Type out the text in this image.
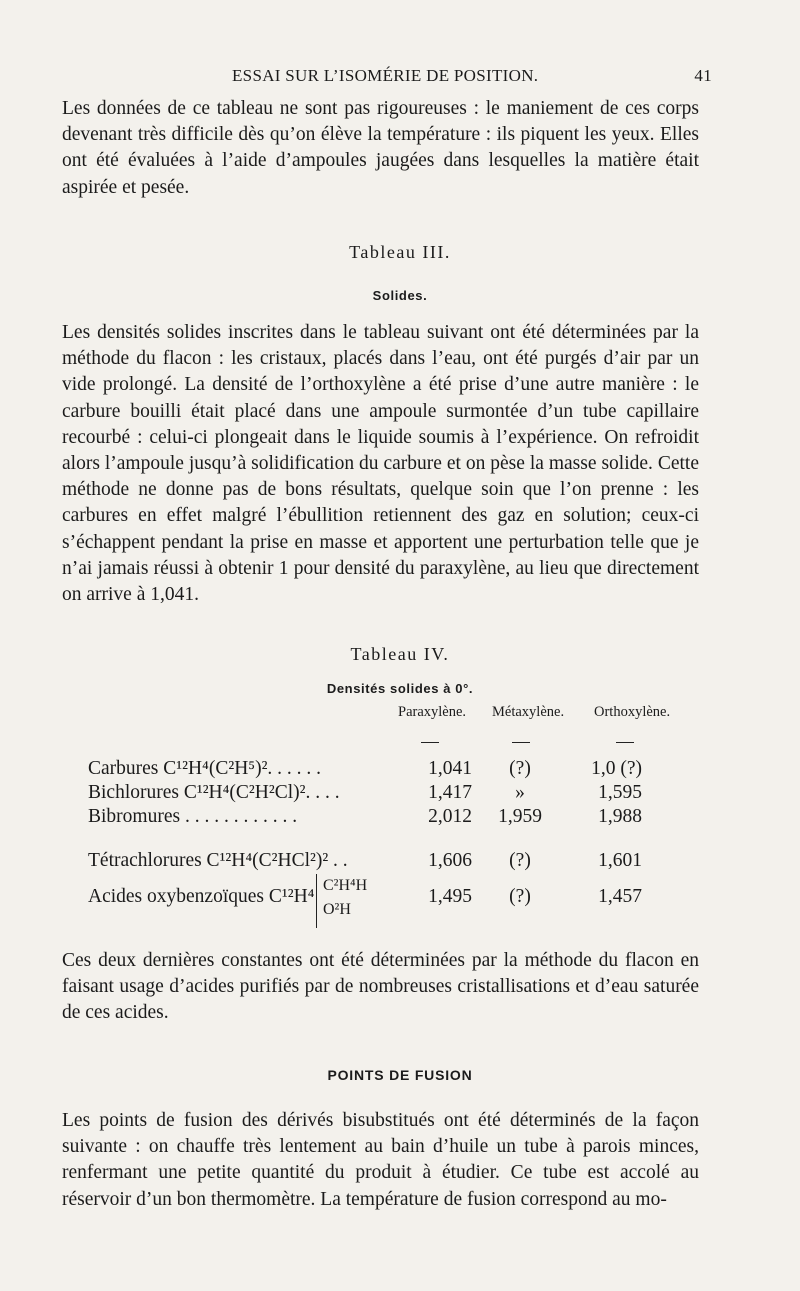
ESSAI SUR L’ISOMÉRIE DE POSITION.	41

Les données de ce tableau ne sont pas rigoureuses : le maniement de ces corps devenant très difficile dès qu’on élève la température : ils piquent les yeux. Elles ont été évaluées à l’aide d’ampoules jaugées dans lesquelles la matière était aspirée et pesée.

Tableau III.
Solides.

Les densités solides inscrites dans le tableau suivant ont été déterminées par la méthode du flacon : les cristaux, placés dans l’eau, ont été purgés d’air par un vide prolongé. La densité de l’orthoxylène a été prise d’une autre manière : le carbure bouilli était placé dans une ampoule surmontée d’un tube capillaire recourbé : celui-ci plongeait dans le liquide soumis à l’expérience. On refroidit alors l’ampoule jusqu’à solidification du carbure et on pèse la masse solide. Cette méthode ne donne pas de bons résultats, quelque soin que l’on prenne : les carbures en effet malgré l’ébullition retiennent des gaz en solution; ceux-ci s’échappent pendant la prise en masse et apportent une perturbation telle que je n’ai jamais réussi à obtenir 1 pour densité du paraxylène, au lieu que directement on arrive à 1,041.

Tableau IV.
Densités solides à 0°.
Paraxylène. Métaxylène. Orthoxylène.
Carbures C¹²H⁴(C²H⁵)². . . . . .	1,041	(?)	1,0 (?)
Bichlorures C¹²H⁴(C²H²Cl)². . . .	1,417	»	1,595
Bibromures . . . . . . . . . . . .	2,012	1,959	1,988
Tétrachlorures C¹²H⁴(C²HCl²)² . .	1,606	(?)	1,601
Acides oxybenzoïques C¹²H⁴	1,495	(?)	1,457
C²H⁴H
O²H

Ces deux dernières constantes ont été déterminées par la méthode du flacon en faisant usage d’acides purifiés par de nombreuses cristallisations et d’eau saturée de ces acides.

POINTS DE FUSION

Les points de fusion des dérivés bisubstitués ont été déterminés de la façon suivante : on chauffe très lentement au bain d’huile un tube à parois minces, renfermant une petite quantité du produit à étudier. Ce tube est accolé au réservoir d’un bon thermomètre. La température de fusion correspond au mo-
